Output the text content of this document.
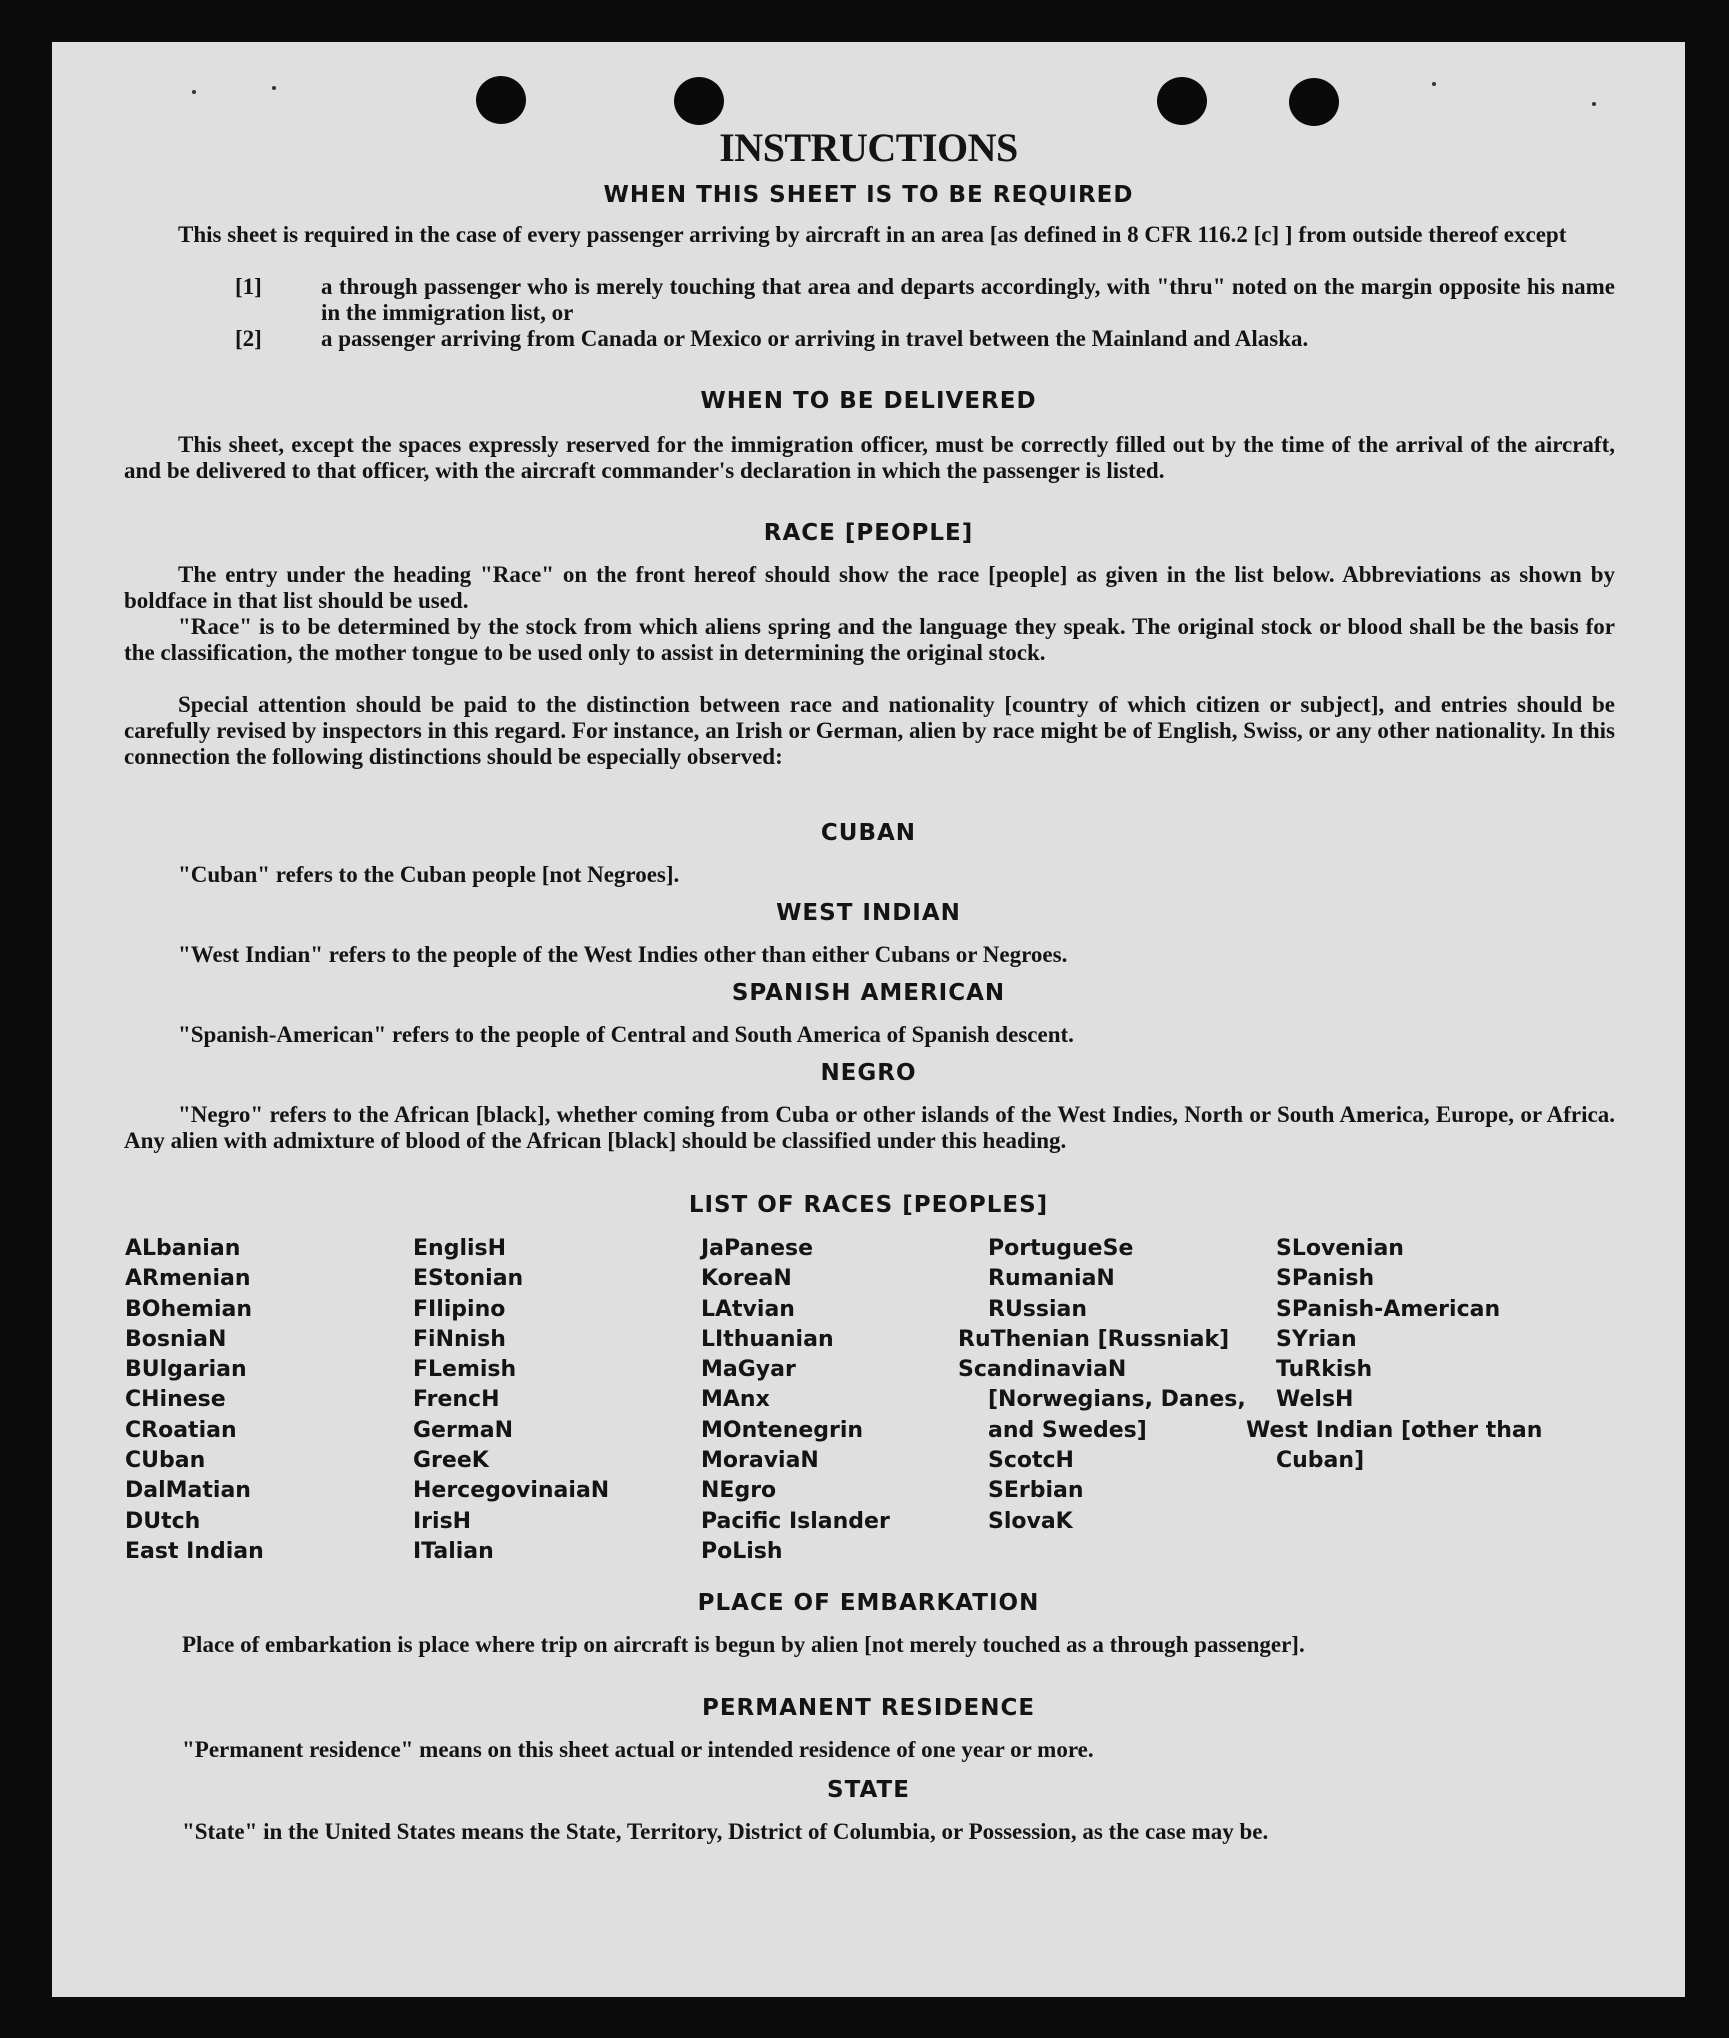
INSTRUCTIONS
WHEN THIS SHEET IS TO BE REQUIRED

This sheet is required in the case of every passenger arriving by aircraft in an area [as defined in 8 CFR 116.2 [c] ] from outside thereof except

[1]	a through passenger who is merely touching that area and departs accordingly, with "thru" noted on the margin opposite his name in the immigration list, or
[2]	a passenger arriving from Canada or Mexico or arriving in travel between the Mainland and Alaska.
WHEN TO BE DELIVERED

This sheet, except the spaces expressly reserved for the immigration officer, must be correctly filled out by the time of the arrival of the aircraft, and be delivered to that officer, with the aircraft commander's declaration in which the passenger is listed.

RACE [PEOPLE]

The entry under the heading "Race" on the front hereof should show the race [people] as given in the list below. Abbreviations as shown by boldface in that list should be used.

"Race" is to be determined by the stock from which aliens spring and the language they speak. The original stock or blood shall be the basis for the classification, the mother tongue to be used only to assist in determining the original stock.

Special attention should be paid to the distinction between race and nationality [country of which citizen or subject], and entries should be carefully revised by inspectors in this regard. For instance, an Irish or German, alien by race might be of English, Swiss, or any other nationality. In this connection the following distinctions should be especially observed:

CUBAN

"Cuban" refers to the Cuban people [not Negroes].

WEST INDIAN

"West Indian" refers to the people of the West Indies other than either Cubans or Negroes.

SPANISH AMERICAN

"Spanish-American" refers to the people of Central and South America of Spanish descent.

NEGRO

"Negro" refers to the African [black], whether coming from Cuba or other islands of the West Indies, North or South America, Europe, or Africa. Any alien with admixture of blood of the African [black] should be classified under this heading.

LIST OF RACES [PEOPLES]
ALbanian
ARmenian
BOhemian
BosniaN
BUlgarian
CHinese
CRoatian
CUban
DalMatian
DUtch
East Indian
EnglisH
EStonian
FIlipino
FiNnish
FLemish
FrencH
GermaN
GreeK
HercegovinaiaN
IrisH
ITalian
JaPanese
KoreaN
LAtvian
LIthuanian
MaGyar
MAnx
MOntenegrin
MoraviaN
NEgro
Pacific Islander
PoLish
PortugueSe
RumaniaN
RUssian
RuThenian [Russniak]
ScandinaviaN [Norwegians, Danes, and Swedes]
ScotcH
SErbian
SlovaK
SLovenian
SPanish
SPanish-American
SYrian
TuRkish
WelsH
West Indian [other than Cuban]
PLACE OF EMBARKATION

Place of embarkation is place where trip on aircraft is begun by alien [not merely touched as a through passenger].

PERMANENT RESIDENCE

"Permanent residence" means on this sheet actual or intended residence of one year or more.

STATE

"State" in the United States means the State, Territory, District of Columbia, or Possession, as the case may be.
